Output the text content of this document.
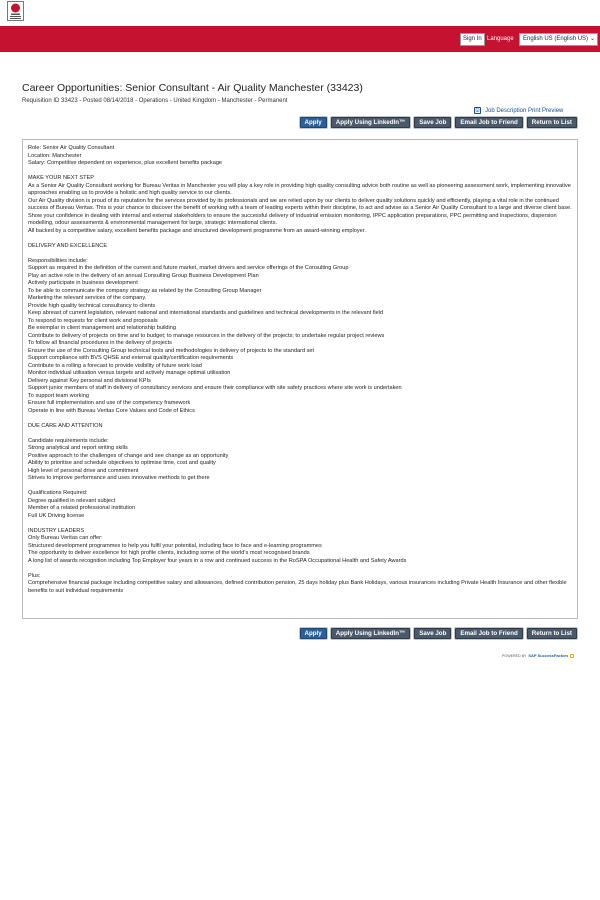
Sign In Language	English US (English US) ⌄
Career Opportunities: Senior Consultant - Air Quality Manchester (33423)
Requisition ID 33423 - Posted 08/14/2018 - Operations - United Kingdom - Manchester - Permanent
⎙ Job Description Print Preview
Apply	Apply Using LinkedIn™	Save Job	Email Job to Friend	Return to List

Role: Senior Air Quality Consultant

Location: Manchester

Salary: Competitive dependent on experience, plus excellent benefits package

MAKE YOUR NEXT STEP

As a Senior Air Quality Consultant working for Bureau Veritas in Manchester you will play a key role in providing high quality consulting advice both routine as well as pioneering assessment work, implementing innovative approaches enabling us to provide a holistic and high quality service to our clients.

Our Air Quality division is proud of its reputation for the services provided by its professionals and we are relied upon by our clients to deliver quality solutions quickly and efficiently, playing a vital role in the continued success of Bureau Veritas. This is your chance to discover the benefit of working with a team of leading experts within their discipline, to act and advise as a Senior Air Quality Consultant to a large and diverse client base.

Show your confidence in dealing with internal and external stakeholders to ensure the successful delivery of industrial emission monitoring, IPPC application preparations, PPC permitting and inspections, dispersion modelling, odour assessments & environmental management for large, strategic international clients.

All backed by a competitive salary, excellent benefits package and structured development programme from an award-winning employer.

DELIVERY AND EXCELLENCE

Responsibilities include:

Support as required in the definition of the current and future market, market drivers and service offerings of the Consulting Group

Play an active role in the delivery of an annual Consulting Group Business Development Plan

Actively participate in business development

To be able to communicate the company strategy as related by the Consulting Group Manager

Marketing the relevant services of the company.

Provide high quality technical consultancy to clients

Keep abreast of current legislation, relevant national and international standards and guidelines and technical developments in the relevant field

To respond to requests for client work and proposals

Be exemplar in client management and relationship building

Contribute to delivery of projects on time and to budget; to manage resources in the delivery of the projects; to undertake regular project reviews

To follow all financial procedures in the delivery of projects

Ensure the use of the Consulting Group technical tools and methodologies in delivery of projects to the standard set

Support compliance with BVS QHSE and external quality/certification requirements

Contribute to a rolling a forecast to provide visibility of future work load

Monitor individual utilisation versus targets and actively manage optimal utilisation

Delivery against Key personal and divisional KPIs

Support junior members of staff in delivery of consultancy services and ensure their compliance with site safety practices where site work is undertaken

To support team working

Ensure full implementation and use of the competency framework

Operate in line with Bureau Veritas Core Values and Code of Ethics

DUE CARE AND ATTENTION

Candidate requirements include:

Strong analytical and report writing skills

Positive approach to the challenges of change and see change as an opportunity

Ability to prioritise and schedule objectives to optimise time, cost and quality

High level of personal drive and commitment

Strives to improve performance and uses innovative methods to get there

Qualifications Required:

Degree qualified in relevant subject

Member of a related professional institution

Full UK Driving license

INDUSTRY LEADERS

Only Bureau Veritas can offer:

Structured development programmes to help you fulfil your potential, including face to face and e-learning programmes

The opportunity to deliver excellence for high profile clients, including some of the world's most recognised brands

A long list of awards recognition including Top Employer four years in a row and continued success in the RoSPA Occupational Health and Safety Awards

Plus:

Comprehensive financial package including competitive salary and allowances, defined contribution pension, 25 days holiday plus Bank Holidays, various insurances including Private Health Insurance and other flexible benefits to suit individual requirements

Apply	Apply Using LinkedIn™	Save Job	Email Job to Friend	Return to List
POWERED BY SAP SuccessFactors
